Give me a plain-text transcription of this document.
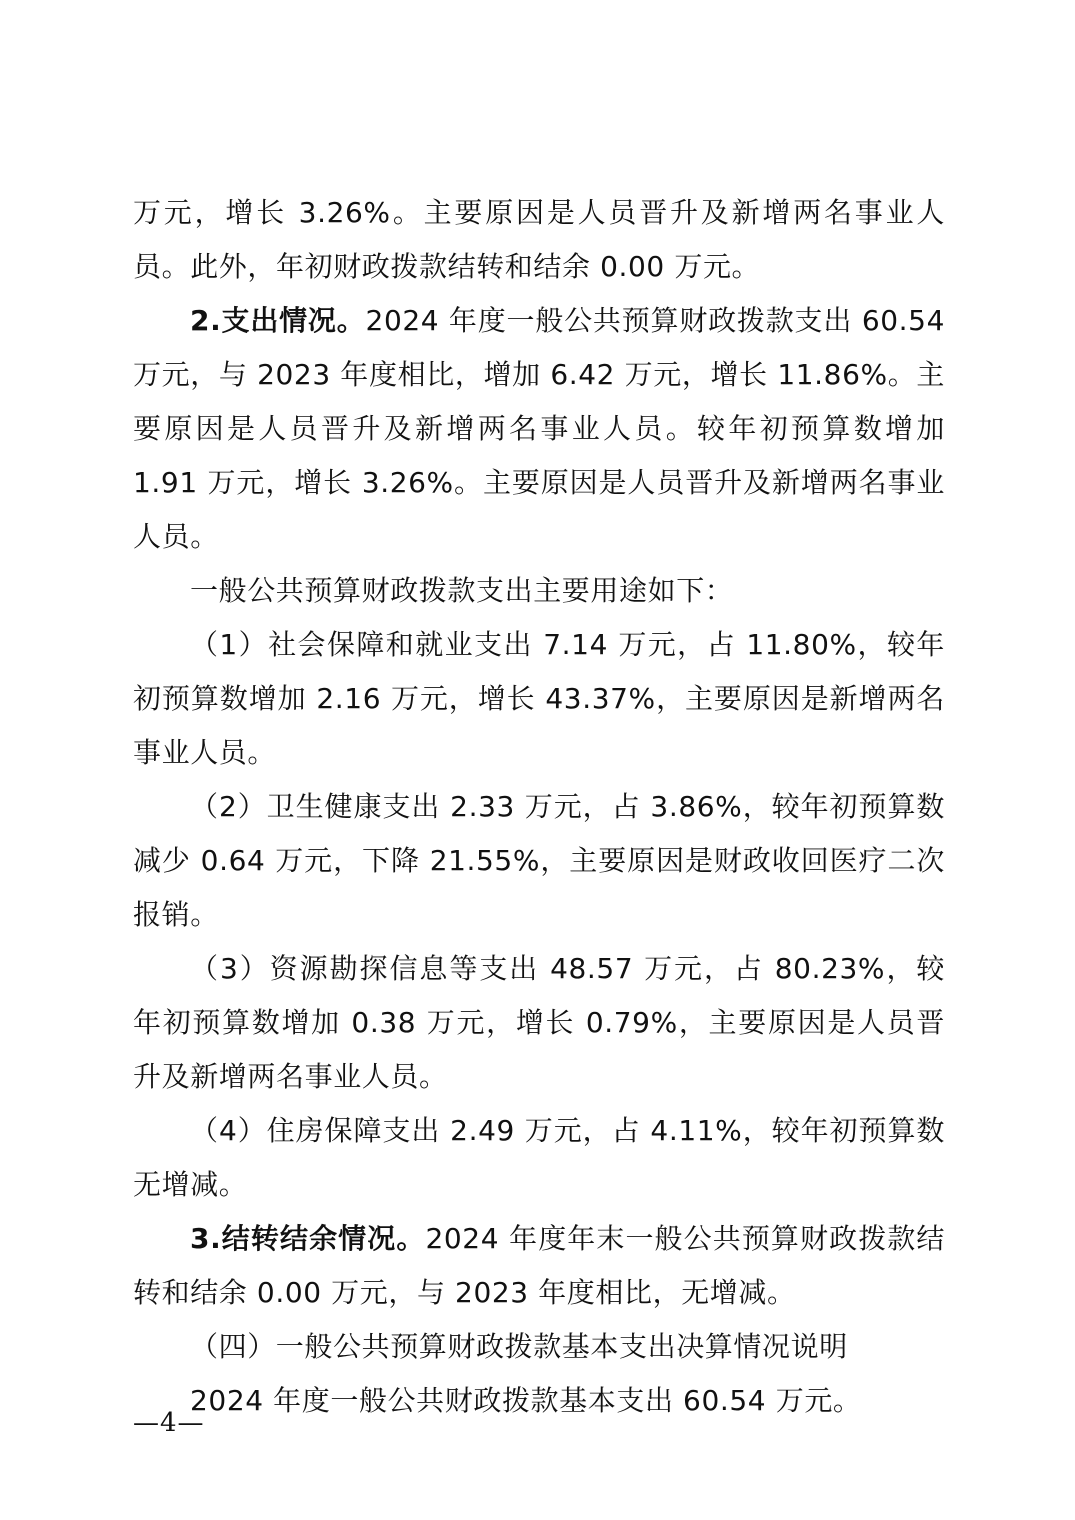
万元，增长 3.26%。主要原因是人员晋升及新增两名事业人员。此外，年初财政拨款结转和结余 0.00 万元。

2.支出情况。2024 年度一般公共预算财政拨款支出 60.54 万元，与 2023 年度相比，增加 6.42 万元，增长 11.86%。主要原因是人员晋升及新增两名事业人员。较年初预算数增加 1.91 万元，增长 3.26%。主要原因是人员晋升及新增两名事业人员。

一般公共预算财政拨款支出主要用途如下：

（1）社会保障和就业支出 7.14 万元，占 11.80%，较年初预算数增加 2.16 万元，增长 43.37%，主要原因是新增两名事业人员。

（2）卫生健康支出 2.33 万元，占 3.86%，较年初预算数减少 0.64 万元，下降 21.55%，主要原因是财政收回医疗二次报销。

（3）资源勘探信息等支出 48.57 万元，占 80.23%，较年初预算数增加 0.38 万元，增长 0.79%，主要原因是人员晋升及新增两名事业人员。

（4）住房保障支出 2.49 万元，占 4.11%，较年初预算数无增减。

3.结转结余情况。2024 年度年末一般公共预算财政拨款结转和结余 0.00 万元，与 2023 年度相比，无增减。

（四）一般公共预算财政拨款基本支出决算情况说明

2024 年度一般公共财政拨款基本支出 60.54 万元。

—4—
